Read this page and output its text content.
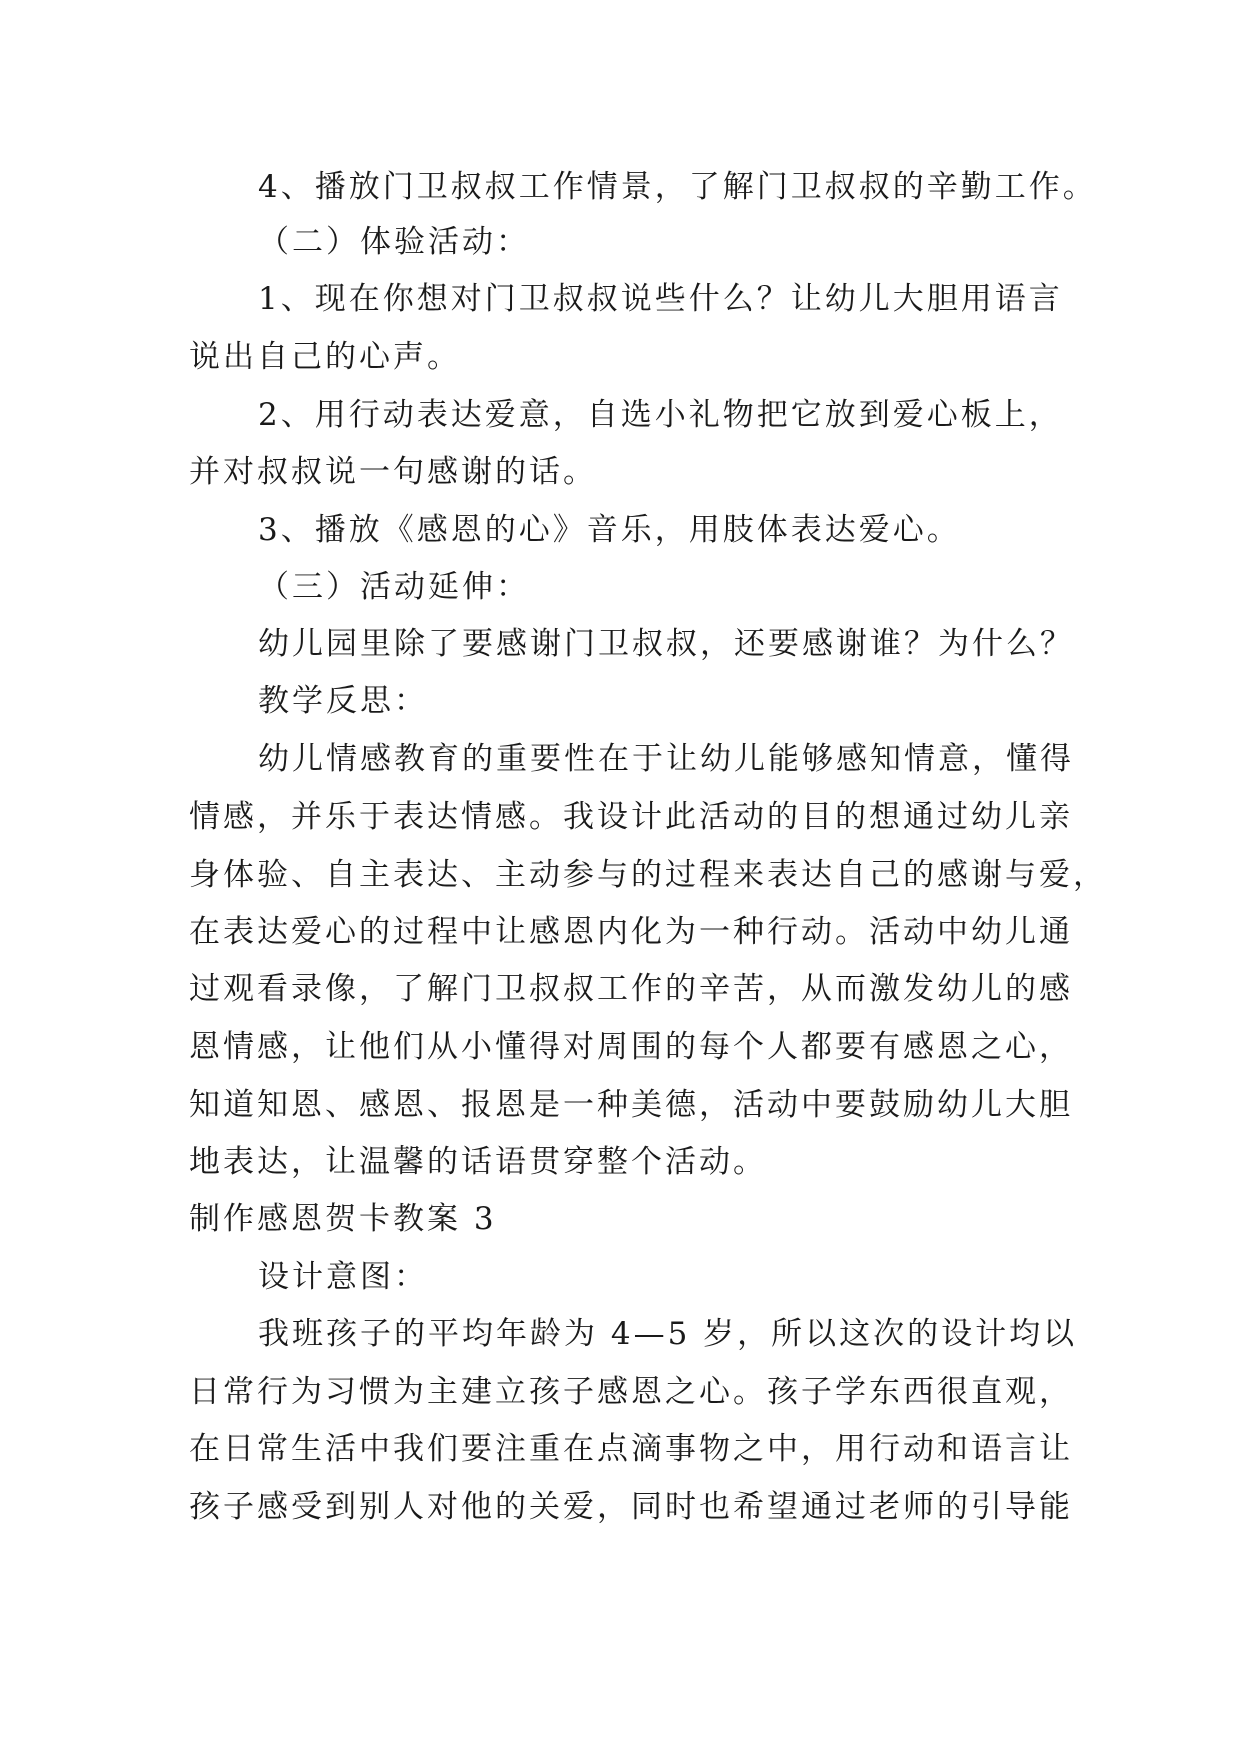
4、播放门卫叔叔工作情景，了解门卫叔叔的辛勤工作。
（二）体验活动：
1、现在你想对门卫叔叔说些什么？让幼儿大胆用语言
说出自己的心声。
2、用行动表达爱意，自选小礼物把它放到爱心板上，
并对叔叔说一句感谢的话。
3、播放《感恩的心》音乐，用肢体表达爱心。
（三）活动延伸：
幼儿园里除了要感谢门卫叔叔，还要感谢谁？为什么？
教学反思：
幼儿情感教育的重要性在于让幼儿能够感知情意，懂得
情感，并乐于表达情感。我设计此活动的目的想通过幼儿亲
身体验、自主表达、主动参与的过程来表达自己的感谢与爱，
在表达爱心的过程中让感恩内化为一种行动。活动中幼儿通
过观看录像，了解门卫叔叔工作的辛苦，从而激发幼儿的感
恩情感，让他们从小懂得对周围的每个人都要有感恩之心，
知道知恩、感恩、报恩是一种美德，活动中要鼓励幼儿大胆
地表达，让温馨的话语贯穿整个活动。
制作感恩贺卡教案 3
设计意图：
我班孩子的平均年龄为 4—5 岁，所以这次的设计均以
日常行为习惯为主建立孩子感恩之心。孩子学东西很直观，
在日常生活中我们要注重在点滴事物之中，用行动和语言让
孩子感受到别人对他的关爱，同时也希望通过老师的引导能
